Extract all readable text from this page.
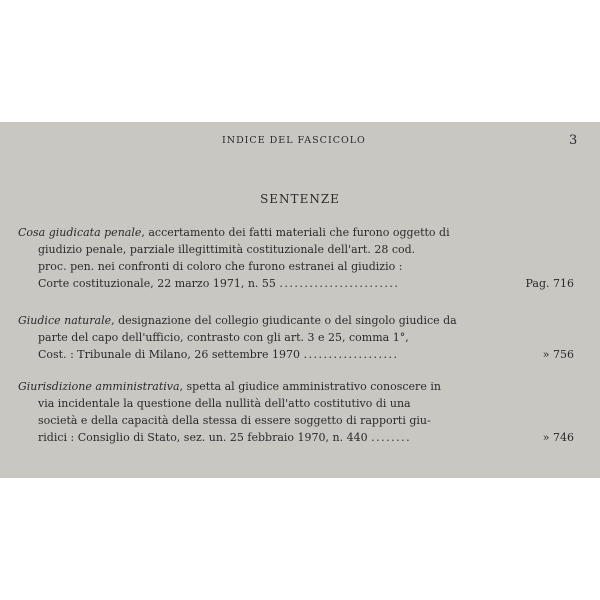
INDICE DEL FASCICOLO	3
SENTENZE
Cosa giudicata penale, accertamento dei fatti materiali che furono oggetto di
giudizio penale, parziale illegittimità costituzionale dell'art. 28 cod.
proc. pen. nei confronti di coloro che furono estranei al giudizio :
Corte costituzionale, 22 marzo 1971, n. 55 ........................	Pag. 716
Giudice naturale, designazione del collegio giudicante o del singolo giudice da
parte del capo dell'ufficio, contrasto con gli art. 3 e 25, comma 1°,
Cost. : Tribunale di Milano, 26 settembre 1970 ...................	» 756
Giurisdizione amministrativa, spetta al giudice amministrativo conoscere in
via incidentale la questione della nullità dell'atto costitutivo di una
società e della capacità della stessa di essere soggetto di rapporti giu-
ridici : Consiglio di Stato, sez. un. 25 febbraio 1970, n. 440 ........	» 746
